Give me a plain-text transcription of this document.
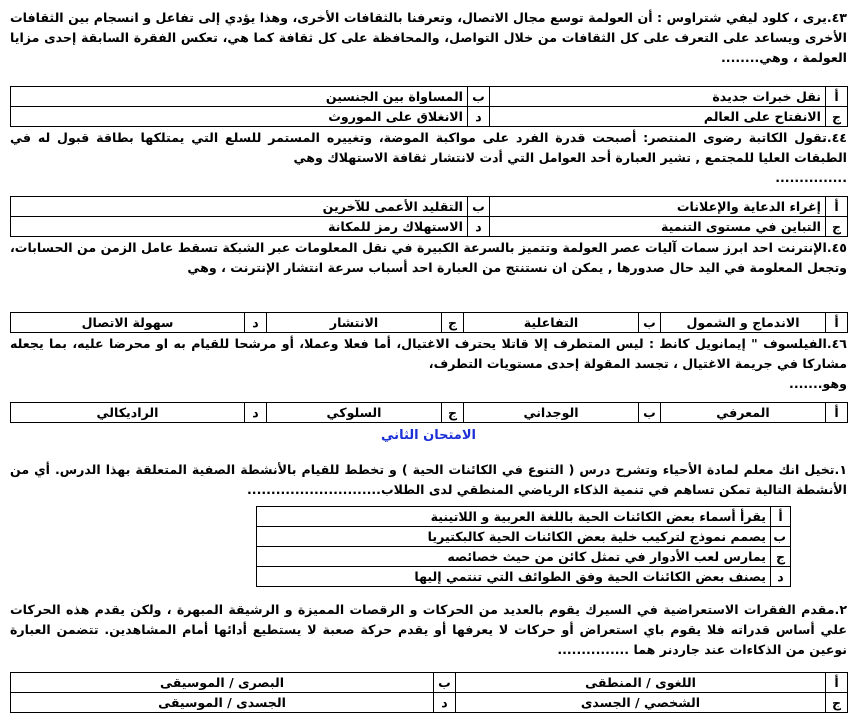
٤٣.يرى ، كلود ليفي شتراوس : أن العولمة توسع مجال الاتصال، وتعرفنا بالثقافات الأخرى، وهذا يؤدي إلى تفاعل و انسجام بين الثقافات الأخرى ويساعد على التعرف على كل الثقافات من خلال التواصل، والمحافظة على كل ثقافة كما هي، تعكس الفقرة السابقة إحدى مزايا العولمة ، وهي........
أ	نقل خبرات جديدة	ب	المساواة بين الجنسين
ج	الانفتاح على العالم	د	الانغلاق على الموروث
٤٤.تقول الكاتبة رضوى المنتصر: أصبحت قدرة الفرد على مواكبة الموضة، وتغييره المستمر للسلع التي يمتلكها بطاقة قبول له في الطبقات العليا للمجتمع , تشير العبارة أحد العوامل التي أدت لانتشار ثقافة الاستهلاك وهي
...............
أ	إغراء الدعاية والإعلانات	ب	التقليد الأعمى للآخرين
ج	التباين في مستوى التنمية	د	الاستهلاك رمز للمكانة
٤٥.الإنترنت احد ابرز سمات آليات عصر العولمة وتتميز بالسرعة الكبيرة في نقل المعلومات عبر الشبكة تسقط عامل الزمن من الحسابات، وتجعل المعلومة في اليد حال صدورها , يمكن ان نستنتج من العبارة احد أسباب سرعة انتشار الإنترنت ، وهي
أ	الاندماج و الشمول	ب	التفاعلية	ج	الانتشار	د	سهولة الاتصال
٤٦.الفيلسوف " إيمانويل كانط : ليس المتطرف إلا قاتلا يحترف الاغتيال، أما فعلا وعملا، أو مرشحا للقيام به او محرضا عليه، بما يجعله مشاركا في جريمة الاغتيال ، تجسد المقولة إحدى مستويات التطرف،
وهو.......
أ	المعرفي	ب	الوجداني	ج	السلوكي	د	الراديكالي
الامتحان الثاني
١.تخيل انك معلم لمادة الأحياء وتشرح درس ( التنوع في الكائنات الحية ) و تخطط للقيام بالأنشطة الصفية المتعلقة بهذا الدرس. أي من الأنشطة التالية تمكن تساهم في تنمية الذكاء الرياضي المنطقي لدى الطلاب............................
أ	يقرأ أسماء بعض الكائنات الحية باللغة العربية و اللاتينية
ب	يصمم نموذج لتركيب خلية بعض الكائنات الحية كالبكتيريا
ج	يمارس لعب الأدوار في تمثل كائن من حيث خصائصه
د	يصنف بعض الكائنات الحية وفق الطوائف التي تنتمي إليها
٢.مقدم الفقرات الاستعراضية في السيرك يقوم بالعديد من الحركات و الرقصات المميزة و الرشيقة المبهرة ، ولكن يقدم هذه الحركات علي أساس قدراته فلا يقوم باي استعراض أو حركات لا يعرفها أو يقدم حركة صعبة لا يستطيع أدائها أمام المشاهدين. تتضمن العبارة نوعين من الذكاءات عند جاردنر هما ...............
أ	اللغوى / المنطقى	ب	البصرى / الموسيقى
ج	الشخصي / الجسدى	د	الجسدى / الموسيقى
